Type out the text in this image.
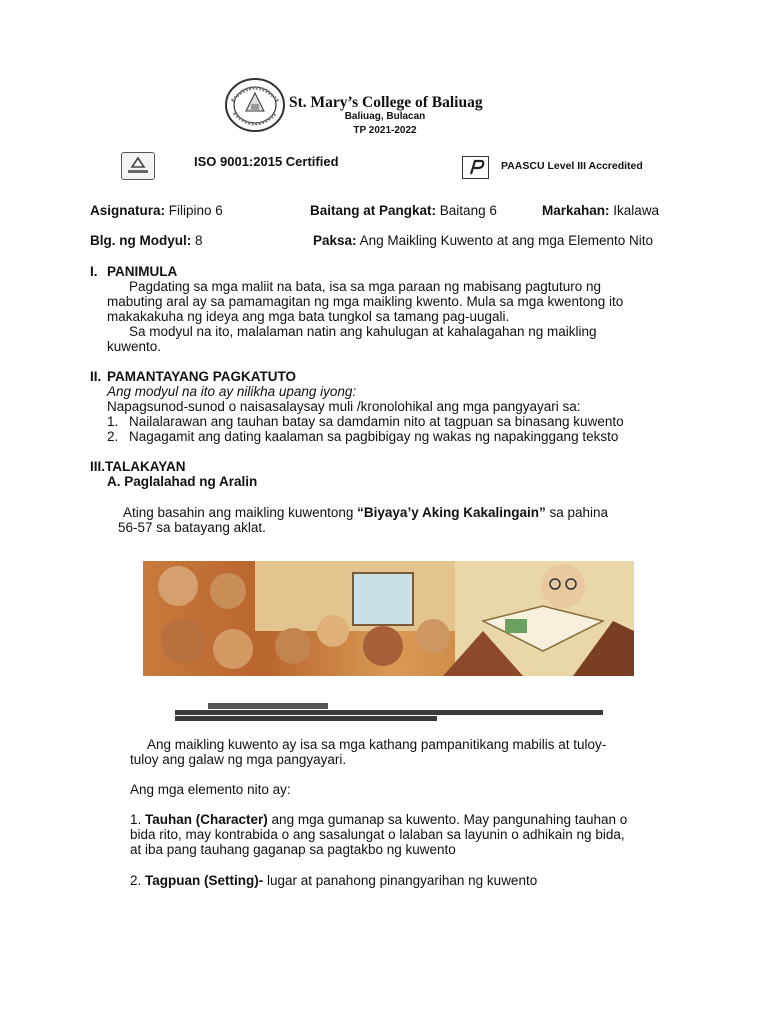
St. Mary’s College of Baliuag
Baliuag, Bulacan
TP 2021-2022
ISO 9001:2015 Certified	PAASCU Level III Accredited
Asignatura: Filipino 6	Baitang at Pangkat: Baitang 6	Markahan: Ikalawa
Blg. ng Modyul: 8	Paksa: Ang Maikling Kuwento at ang mga Elemento Nito
I. PANIMULA
Pagdating sa mga maliit na bata, isa sa mga paraan ng mabisang pagtuturo ng
mabuting aral ay sa pamamagitan ng mga maikling kwento. Mula sa mga kwentong ito
makakakuha ng ideya ang mga bata tungkol sa tamang pag-uugali.
Sa modyul na ito, malalaman natin ang kahulugan at kahalagahan ng maikling
kuwento.
II. PAMANTAYANG PAGKATUTO
Ang modyul na ito ay nilikha upang iyong:
Napagsunod-sunod o naisasalaysay muli /kronolohikal ang mga pangyayari sa:
1. Nailalarawan ang tauhan batay sa damdamin nito at tagpuan sa binasang kuwento
2. Nagagamit ang dating kaalaman sa pagbibigay ng wakas ng napakinggang teksto
III.TALAKAYAN
A. Paglalahad ng Aralin
Ating basahin ang maikling kuwentong “Biyaya’y Aking Kakalingain” sa pahina
56-57 sa batayang aklat.
Ang maikling kuwento ay isa sa mga kathang pampanitikang mabilis at tuloy-
tuloy ang galaw ng mga pangyayari.
Ang mga elemento nito ay:
1. Tauhan (Character) ang mga gumanap sa kuwento. May pangunahing tauhan o
bida rito, may kontrabida o ang sasalungat o lalaban sa layunin o adhikain ng bida,
at iba pang tauhang gaganap sa pagtakbo ng kuwento
2. Tagpuan (Setting)- lugar at panahong pinangyarihan ng kuwento
